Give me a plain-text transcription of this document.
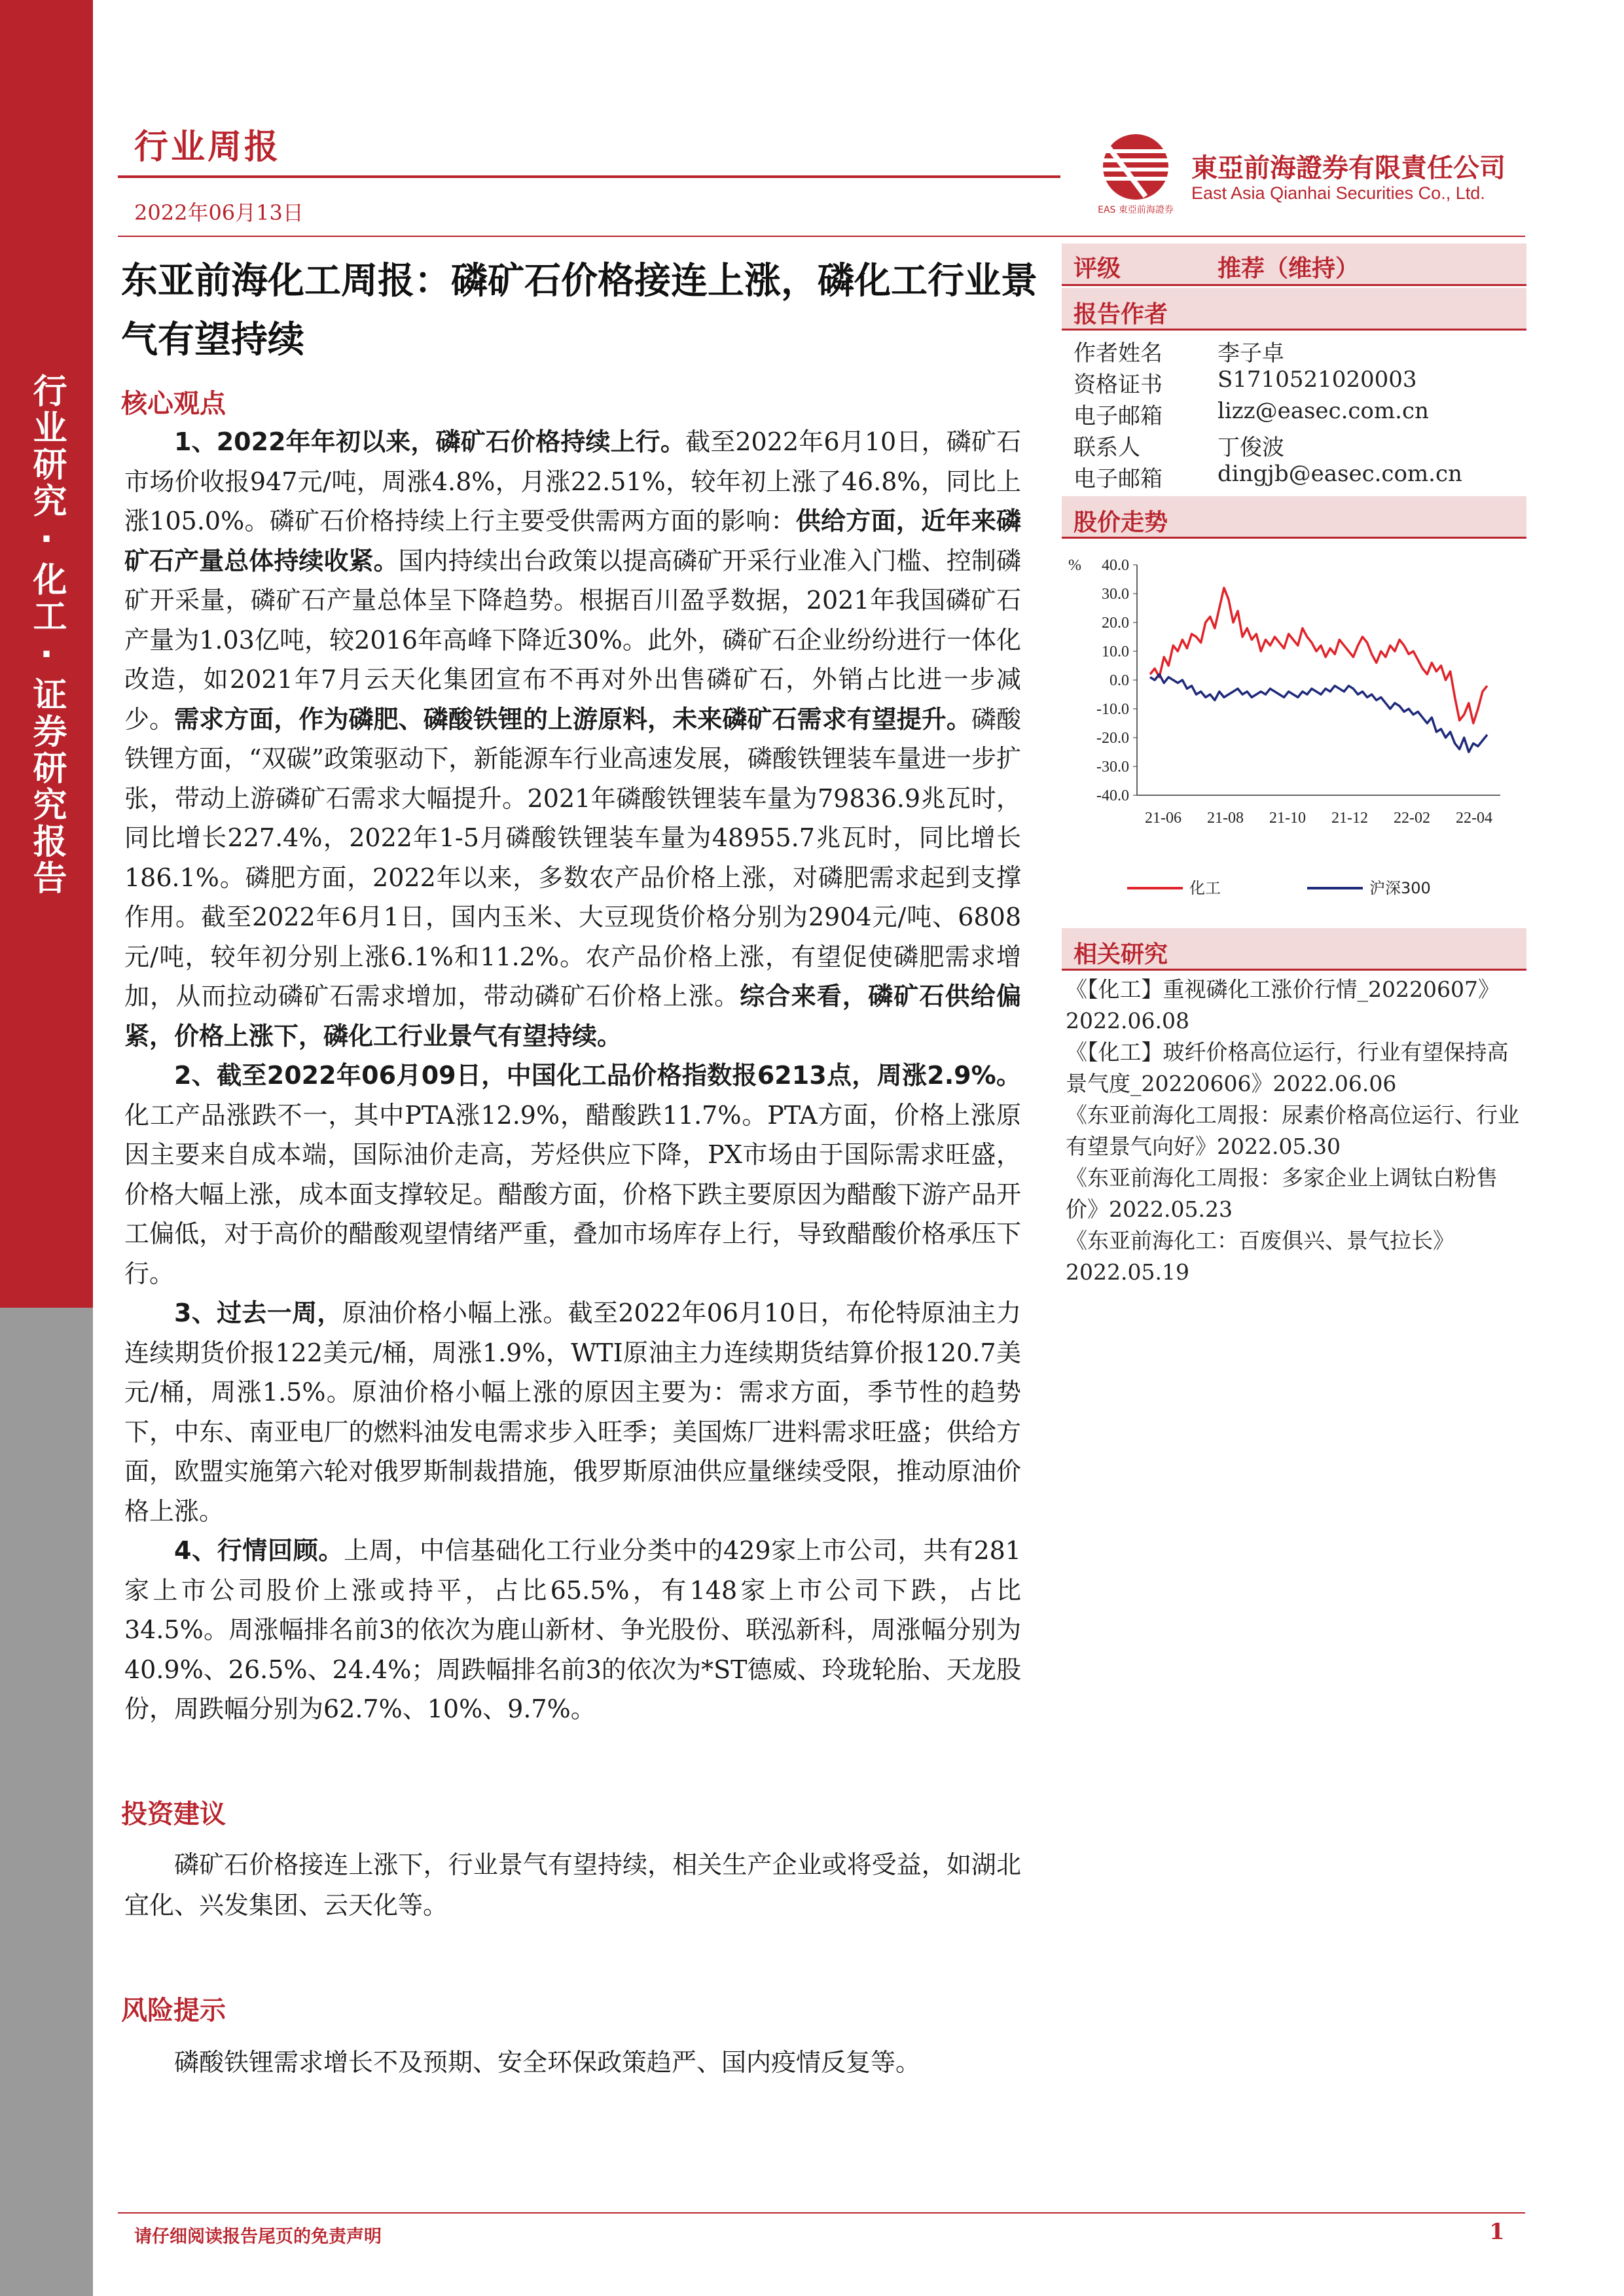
行业研究·化工·证券研究报告
行业周报
2022年06月13日	EAS 東亞前海證券
東亞前海證券有限責任公司
East Asia Qianhai Securities Co., Ltd.
东亚前海化工周报：磷矿石价格接连上涨，磷化工行业景气有望持续
核心观点

1、2022年年初以来，磷矿石价格持续上行。截至2022年6月10日，磷矿石市场价收报947元/吨，周涨4.8%，月涨22.51%，较年初上涨了46.8%，同比上涨105.0%。磷矿石价格持续上行主要受供需两方面的影响：供给方面，近年来磷矿石产量总体持续收紧。国内持续出台政策以提高磷矿开采行业准入门槛、控制磷矿开采量，磷矿石产量总体呈下降趋势。根据百川盈孚数据，2021年我国磷矿石产量为1.03亿吨，较2016年高峰下降近30%。此外，磷矿石企业纷纷进行一体化改造，如2021年7月云天化集团宣布不再对外出售磷矿石，外销占比进一步减少。需求方面，作为磷肥、磷酸铁锂的上游原料，未来磷矿石需求有望提升。磷酸铁锂方面，“双碳”政策驱动下，新能源车行业高速发展，磷酸铁锂装车量进一步扩张，带动上游磷矿石需求大幅提升。2021年磷酸铁锂装车量为79836.9兆瓦时，同比增长227.4%，2022年1-5月磷酸铁锂装车量为48955.7兆瓦时，同比增长186.1%。磷肥方面，2022年以来，多数农产品价格上涨，对磷肥需求起到支撑作用。截至2022年6月1日，国内玉米、大豆现货价格分别为2904元/吨、6808元/吨，较年初分别上涨6.1%和11.2%。农产品价格上涨，有望促使磷肥需求增加，从而拉动磷矿石需求增加，带动磷矿石价格上涨。综合来看，磷矿石供给偏紧，价格上涨下，磷化工行业景气有望持续。

2、截至2022年06月09日，中国化工品价格指数报6213点，周涨2.9%。化工产品涨跌不一，其中PTA涨12.9%，醋酸跌11.7%。PTA方面，价格上涨原因主要来自成本端，国际油价走高，芳烃供应下降，PX市场由于国际需求旺盛，价格大幅上涨，成本面支撑较足。醋酸方面，价格下跌主要原因为醋酸下游产品开工偏低，对于高价的醋酸观望情绪严重，叠加市场库存上行，导致醋酸价格承压下行。

3、过去一周，原油价格小幅上涨。截至2022年06月10日，布伦特原油主力连续期货价报122美元/桶，周涨1.9%，WTI原油主力连续期货结算价报120.7美元/桶，周涨1.5%。原油价格小幅上涨的原因主要为：需求方面，季节性的趋势下，中东、南亚电厂的燃料油发电需求步入旺季；美国炼厂进料需求旺盛；供给方面，欧盟实施第六轮对俄罗斯制裁措施，俄罗斯原油供应量继续受限，推动原油价格上涨。

4、行情回顾。上周，中信基础化工行业分类中的429家上市公司，共有281家上市公司股价上涨或持平，占比65.5%，有148家上市公司下跌，占比34.5%。周涨幅排名前3的依次为鹿山新材、争光股份、联泓新科，周涨幅分别为40.9%、26.5%、24.4%；周跌幅排名前3的依次为*ST德威、玲珑轮胎、天龙股份，周跌幅分别为62.7%、10%、9.7%。

投资建议
磷矿石价格接连上涨下，行业景气有望持续，相关生产企业或将受益，如湖北宜化、兴发集团、云天化等。
风险提示
磷酸铁锂需求增长不及预期、安全环保政策趋严、国内疫情反复等。
评级	推荐（维持）
报告作者
作者姓名 李子卓
资格证书 S1710521020003
电子邮箱 lizz@easec.com.cn
联系人	丁俊波
电子邮箱 dingjb@easec.com.cn
股价走势
% 40.0
30.0
20.0
10.0
0.0
-10.0
-20.0
-30.0
-40.0
21-06 21-08 21-10 21-12 22-02 22-04
化工	沪深300
相关研究
《【化工】重视磷化工涨价行情_20220607》2022.06.08
《【化工】玻纤价格高位运行，行业有望保持高景气度_20220606》2022.06.06
《东亚前海化工周报：尿素价格高位运行、行业有望景气向好》2022.05.30
《东亚前海化工周报：多家企业上调钛白粉售价》2022.05.23
《东亚前海化工：百废俱兴、景气拉长》2022.05.19
请仔细阅读报告尾页的免责声明	1
